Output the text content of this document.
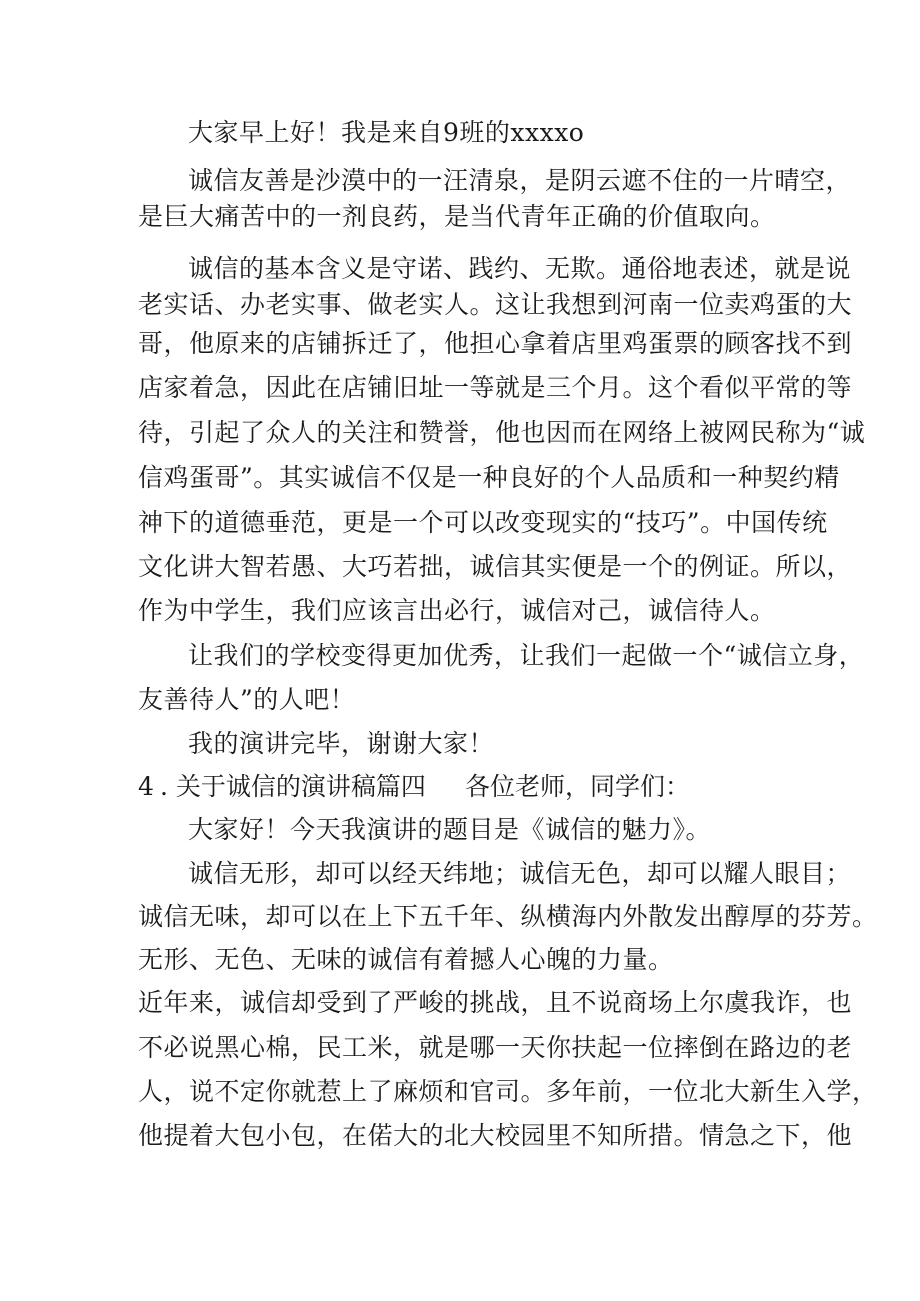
大家早上好！我是来自9班的xxxxo
诚信友善是沙漠中的一汪清泉，是阴云遮不住的一片晴空，
是巨大痛苦中的一剂良药，是当代青年正确的价值取向。
诚信的基本含义是守诺、践约、无欺。通俗地表述，就是说
老实话、办老实事、做老实人。这让我想到河南一位卖鸡蛋的大
哥，他原来的店铺拆迁了，他担心拿着店里鸡蛋票的顾客找不到
店家着急，因此在店铺旧址一等就是三个月。这个看似平常的等
待，引起了众人的关注和赞誉，他也因而在网络上被网民称为“诚
信鸡蛋哥”。其实诚信不仅是一种良好的个人品质和一种契约精
神下的道德垂范，更是一个可以改变现实的“技巧”。中国传统
文化讲大智若愚、大巧若拙，诚信其实便是一个的例证。所以，
作为中学生，我们应该言出必行，诚信对己，诚信待人。
让我们的学校变得更加优秀，让我们一起做一个“诚信立身，
友善待人”的人吧！
我的演讲完毕，谢谢大家！
4 . 关于诚信的演讲稿篇四 各位老师，同学们：
大家好！今天我演讲的题目是《诚信的魅力》。
诚信无形，却可以经天纬地；诚信无色，却可以耀人眼目；
诚信无味，却可以在上下五千年、纵横海内外散发出醇厚的芬芳。
无形、无色、无味的诚信有着撼人心魄的力量。
近年来，诚信却受到了严峻的挑战，且不说商场上尔虞我诈，也
不必说黑心棉，民工米，就是哪一天你扶起一位摔倒在路边的老
人，说不定你就惹上了麻烦和官司。多年前，一位北大新生入学，
他提着大包小包，在偌大的北大校园里不知所措。情急之下，他
